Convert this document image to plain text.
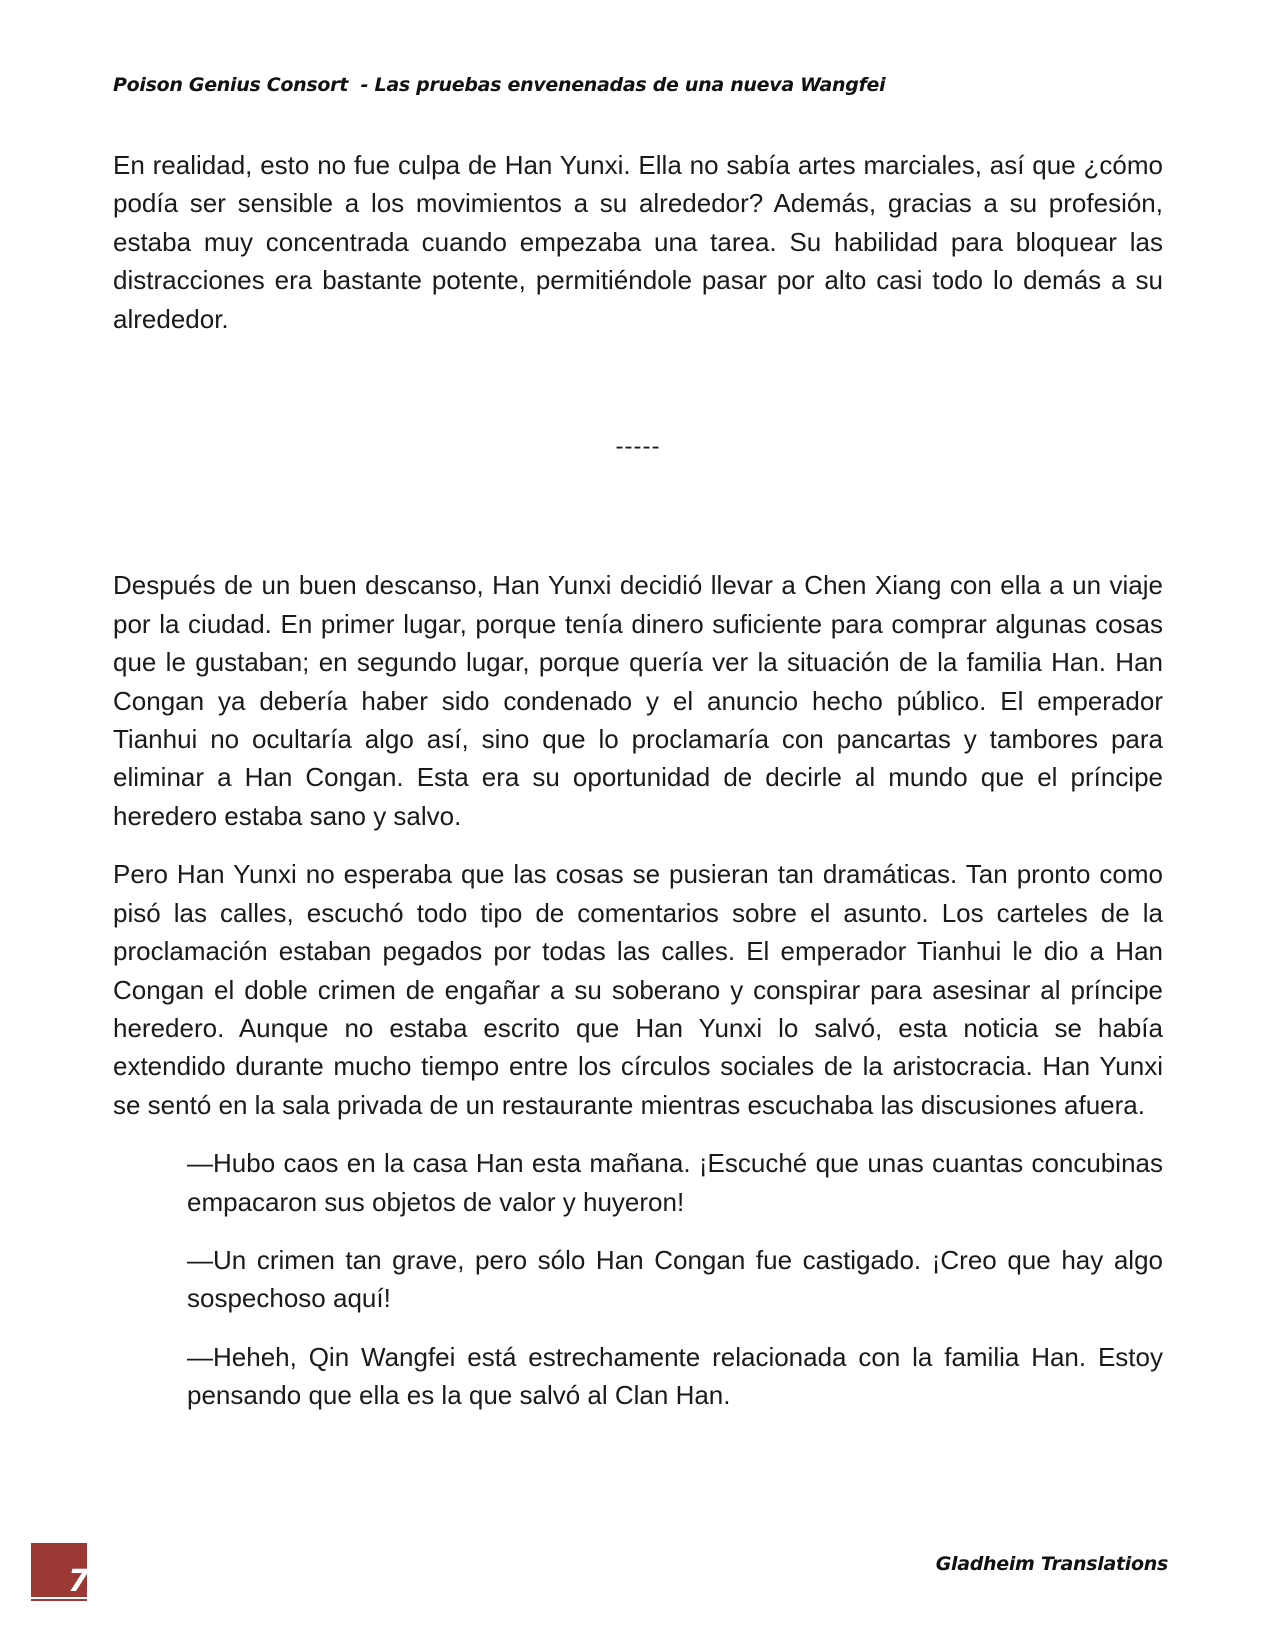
Poison Genius Consort  - Las pruebas envenenadas de una nueva Wangfei

En realidad, esto no fue culpa de Han Yunxi. Ella no sabía artes marciales, así que ¿cómo podía ser sensible a los movimientos a su alrededor? Además, gracias a su profesión, estaba muy concentrada cuando empezaba una tarea. Su habilidad para bloquear las distracciones era bastante potente, permitiéndole pasar por alto casi todo lo demás a su alrededor.

-----

Después de un buen descanso, Han Yunxi decidió llevar a Chen Xiang con ella a un viaje por la ciudad. En primer lugar, porque tenía dinero suficiente para comprar algunas cosas que le gustaban; en segundo lugar, porque quería ver la situación de la familia Han. Han Congan ya debería haber sido condenado y el anuncio hecho público. El emperador Tianhui no ocultaría algo así, sino que lo proclamaría con pancartas y tambores para eliminar a Han Congan. Esta era su oportunidad de decirle al mundo que el príncipe heredero estaba sano y salvo.

Pero Han Yunxi no esperaba que las cosas se pusieran tan dramáticas. Tan pronto como pisó las calles, escuchó todo tipo de comentarios sobre el asunto. Los carteles de la proclamación estaban pegados por todas las calles. El emperador Tianhui le dio a Han Congan el doble crimen de engañar a su soberano y conspirar para asesinar al príncipe heredero. Aunque no estaba escrito que Han Yunxi lo salvó, esta noticia se había extendido durante mucho tiempo entre los círculos sociales de la aristocracia. Han Yunxi se sentó en la sala privada de un restaurante mientras escuchaba las discusiones afuera.

—Hubo caos en la casa Han esta mañana. ¡Escuché que unas cuantas concubinas empacaron sus objetos de valor y huyeron!

—Un crimen tan grave, pero sólo Han Congan fue castigado. ¡Creo que hay algo sospechoso aquí!

—Heheh, Qin Wangfei está estrechamente relacionada con la familia Han. Estoy pensando que ella es la que salvó al Clan Han.

7	Gladheim Translations
